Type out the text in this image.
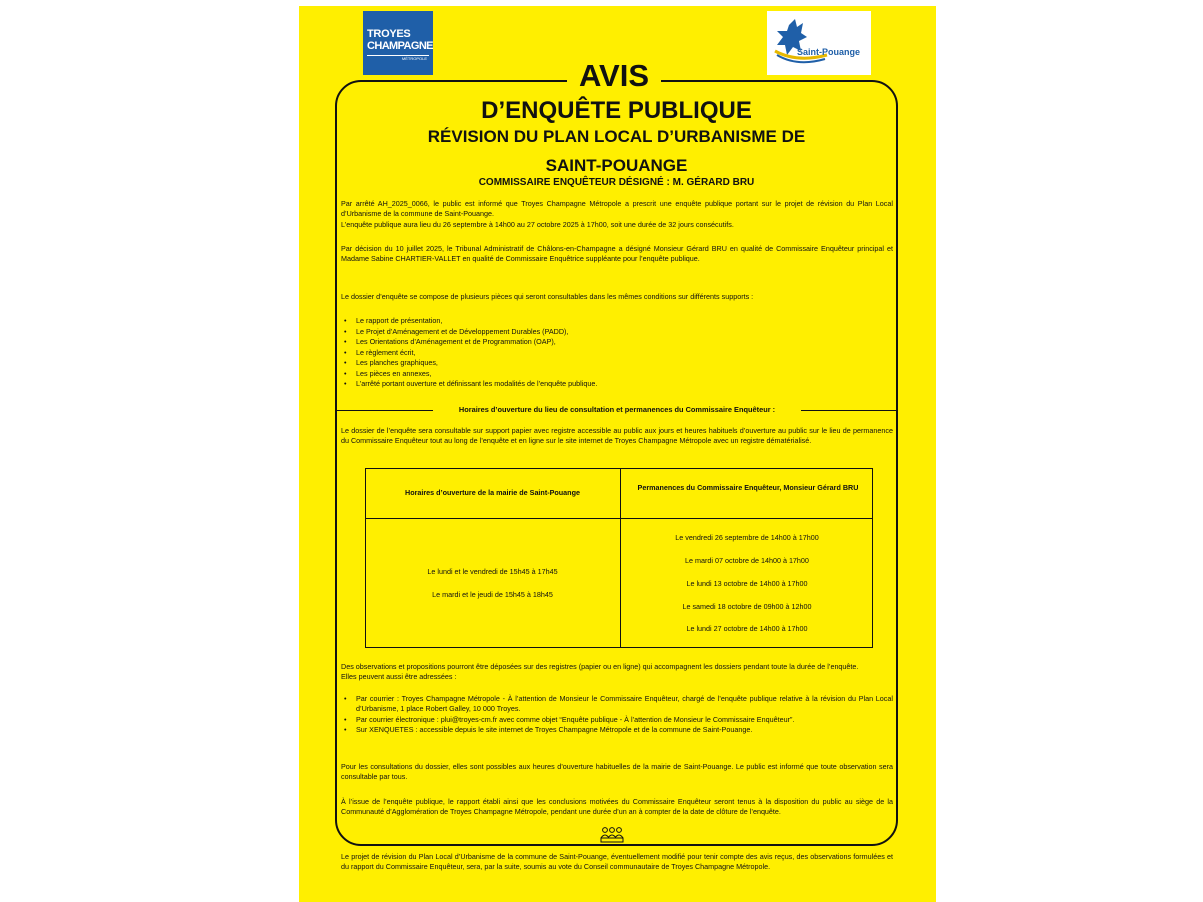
TROYES
CHAMPAGNE
MÉTROPOLE
Saint-Pouange
AVIS
D’ENQUÊTE PUBLIQUE
RÉVISION DU PLAN LOCAL D’URBANISME DE
SAINT-POUANGE
COMMISSAIRE ENQUÊTEUR DÉSIGNÉ : M. GÉRARD BRU
Par arrêté AH_2025_0066, le public est informé que Troyes Champagne Métropole a prescrit une enquête publique portant sur le projet de révision du Plan Local d’Urbanisme de la commune de Saint-Pouange.
L’enquête publique aura lieu du 26 septembre à 14h00 au 27 octobre 2025 à 17h00, soit une durée de 32 jours consécutifs.
Par décision du 10 juillet 2025, le Tribunal Administratif de Châlons-en-Champagne a désigné Monsieur Gérard BRU en qualité de Commissaire Enquêteur principal et Madame Sabine CHARTIER-VALLET en qualité de Commissaire Enquêtrice suppléante pour l’enquête publique.
Le dossier d’enquête se compose de plusieurs pièces qui seront consultables dans les mêmes conditions sur différents supports :
• Le rapport de présentation,
• Le Projet d’Aménagement et de Développement Durables (PADD),
• Les Orientations d’Aménagement et de Programmation (OAP),
• Le règlement écrit,
• Les planches graphiques,
• Les pièces en annexes,
• L’arrêté portant ouverture et définissant les modalités de l’enquête publique.
Horaires d’ouverture du lieu de consultation et permanences du Commissaire Enquêteur :
Le dossier de l’enquête sera consultable sur support papier avec registre accessible au public aux jours et heures habituels d’ouverture au public sur le lieu de permanence du Commissaire Enquêteur tout au long de l’enquête et en ligne sur le site internet de Troyes Champagne Métropole avec un registre dématérialisé.
Horaires d’ouverture de la mairie de Saint-Pouange
Permanences du Commissaire Enquêteur, Monsieur Gérard BRU
Le lundi et le vendredi de 15h45 à 17h45
Le mardi et le jeudi de 15h45 à 18h45
Le vendredi 26 septembre de 14h00 à 17h00
Le mardi 07 octobre de 14h00 à 17h00
Le lundi 13 octobre de 14h00 à 17h00
Le samedi 18 octobre de 09h00 à 12h00
Le lundi 27 octobre de 14h00 à 17h00
Des observations et propositions pourront être déposées sur des registres (papier ou en ligne) qui accompagnent les dossiers pendant toute la durée de l’enquête.
Elles peuvent aussi être adressées :
• Par courrier : Troyes Champagne Métropole - À l’attention de Monsieur le Commissaire Enquêteur, chargé de l’enquête publique relative à la révision du Plan Local d’Urbanisme, 1 place Robert Galley, 10 000 Troyes.
• Par courrier électronique : plui@troyes-cm.fr avec comme objet “Enquête publique - À l’attention de Monsieur le Commissaire Enquêteur”.
• Sur XENQUETES : accessible depuis le site internet de Troyes Champagne Métropole et de la commune de Saint-Pouange.
Pour les consultations du dossier, elles sont possibles aux heures d’ouverture habituelles de la mairie de Saint-Pouange. Le public est informé que toute observation sera consultable par tous.
À l’issue de l’enquête publique, le rapport établi ainsi que les conclusions motivées du Commissaire Enquêteur seront tenus à la disposition du public au siège de la Communauté d’Agglomération de Troyes Champagne Métropole, pendant une durée d’un an à compter de la date de clôture de l’enquête.
Le projet de révision du Plan Local d’Urbanisme de la commune de Saint-Pouange, éventuellement modifié pour tenir compte des avis reçus, des observations formulées et du rapport du Commissaire Enquêteur, sera, par la suite, soumis au vote du Conseil communautaire de Troyes Champagne Métropole.
